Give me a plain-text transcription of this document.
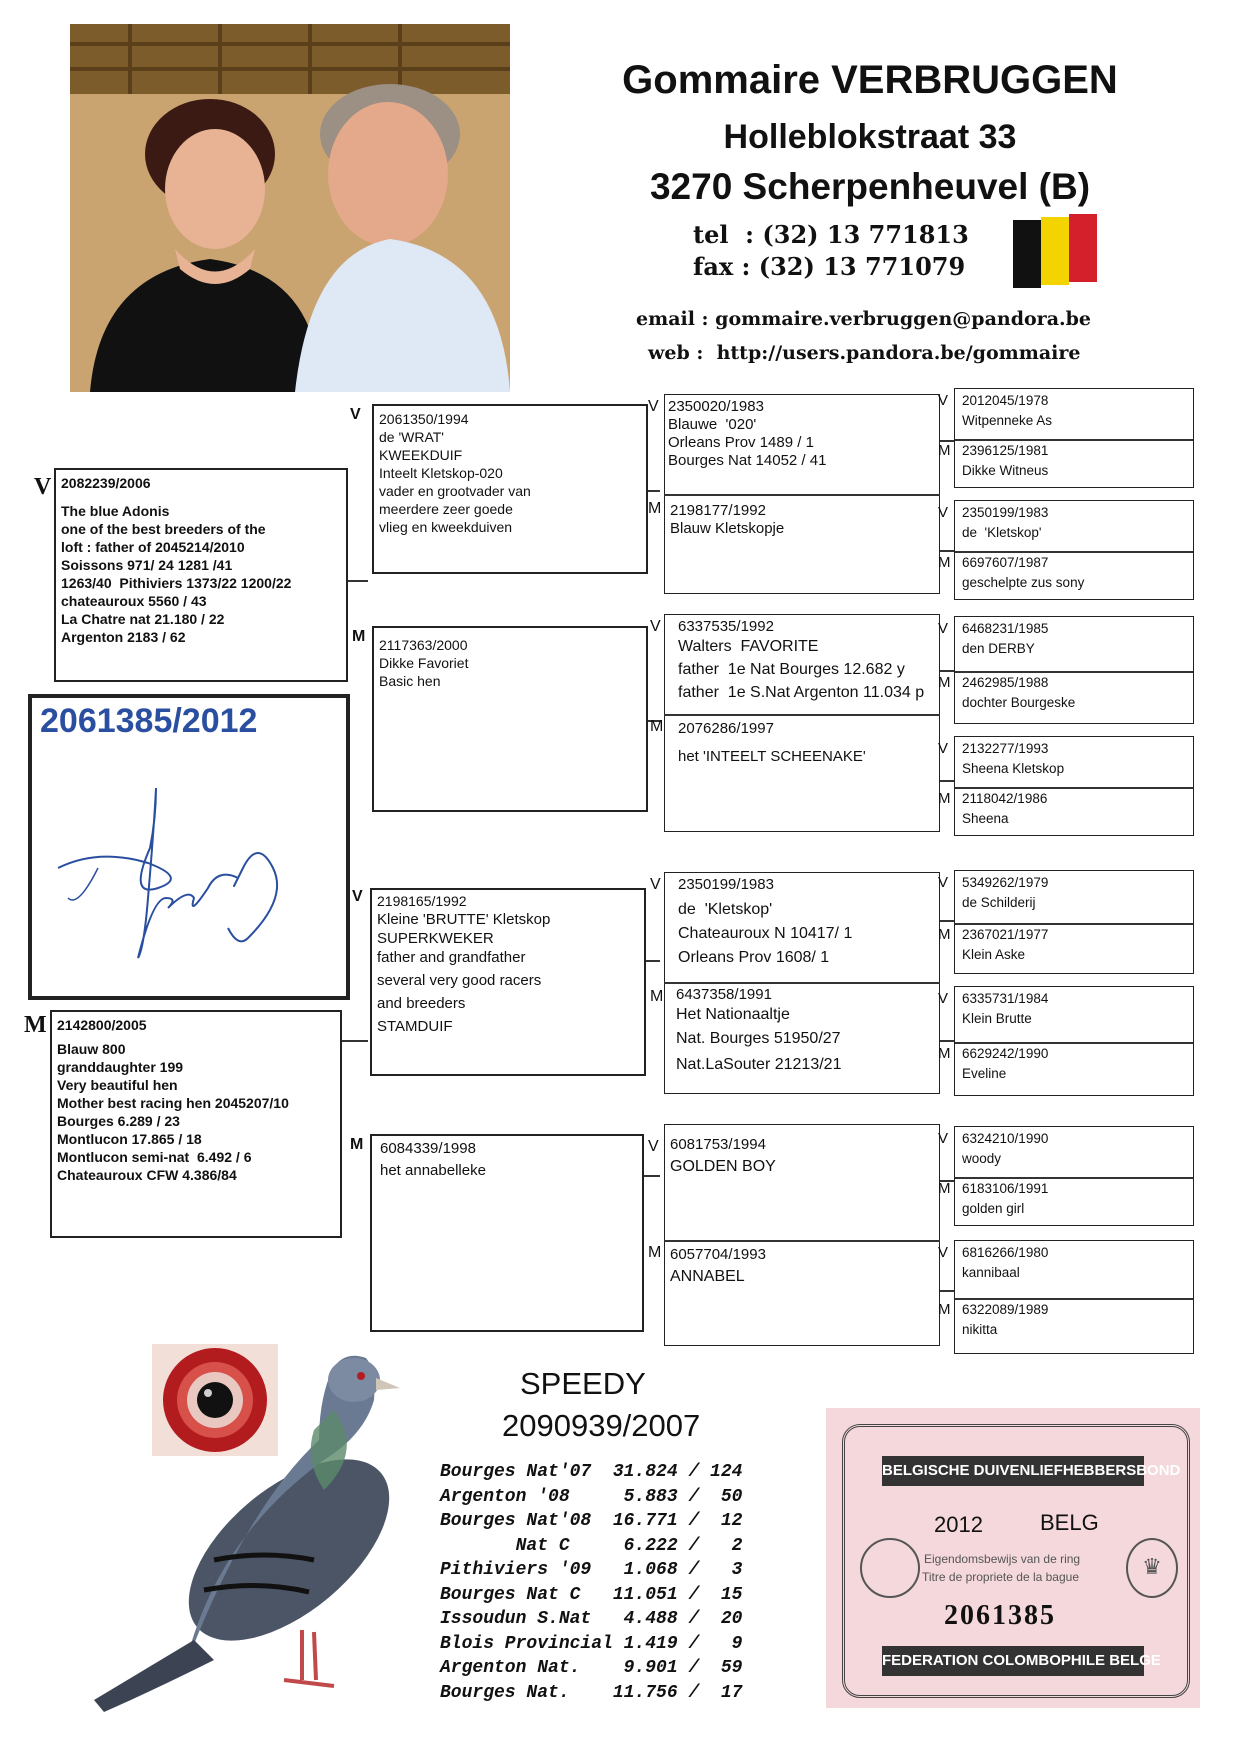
Gommaire VERBRUGGEN
Holleblokstraat 33
3270 Scherpenheuvel (B)
tel  : (32) 13 771813
fax : (32) 13 771079
email : gommaire.verbruggen@pandora.be
web :  http://users.pandora.be/gommaire
V 2082239/2006
The blue Adonis
one of the best breeders of the
loft : father of 2045214/2010
Soissons 971/ 24 1281 /41
1263/40  Pithiviers 1373/22 1200/22
chateauroux 5560 / 43
La Chatre nat 21.180 / 22
Argenton 2183 / 62
2061385/2012
M 2142800/2005
Blauw 800
granddaughter 199
Very beautiful hen
Mother best racing hen 2045207/10
Bourges 6.289 / 23
Montlucon 17.865 / 18
Montlucon semi-nat  6.492 / 6
Chateauroux CFW 4.386/84
V 2061350/1994
de 'WRAT'
KWEEKDUIF
Inteelt Kletskop-020
vader en grootvader van
meerdere zeer goede
vlieg en kweekduiven
M 2117363/2000
Dikke Favoriet
Basic hen
V 2198165/1992
Kleine 'BRUTTE' Kletskop
SUPERKWEKER
father and grandfather
several very good racers
and breeders
STAMDUIF
M 6084339/1998
het annabelleke
V 2350020/1983
Blauwe  '020'
Orleans Prov 1489 / 1
Bourges Nat 14052 / 41
M 2198177/1992
Blauw Kletskopje
V 6337535/1992
Walters  FAVORITE
father  1e Nat Bourges 12.682 y
father  1e S.Nat Argenton 11.034 p
M 2076286/1997
het 'INTEELT SCHEENAKE'
V 2350199/1983
de  'Kletskop'
Chateauroux N 10417/ 1
Orleans Prov 1608/ 1
M 6437358/1991
Het Nationaaltje
Nat. Bourges 51950/27
Nat.LaSouter 21213/21
V 6081753/1994
GOLDEN BOY
M 6057704/1993
ANNABEL
V 2012045/1978
Witpenneke As
M 2396125/1981
Dikke Witneus
V 2350199/1983
de  'Kletskop'
M 6697607/1987
geschelpte zus sony
V 6468231/1985
den DERBY
M 2462985/1988
dochter Bourgeske
V 2132277/1993
Sheena Kletskop
M 2118042/1986
Sheena
V 5349262/1979
de Schilderij
M 2367021/1977
Klein Aske
V 6335731/1984
Klein Brutte
M 6629242/1990
Eveline
V 6324210/1990
woody
M 6183106/1991
golden girl
V 6816266/1980
kannibaal
M 6322089/1989
nikitta
SPEEDY
2090939/2007
Bourges Nat'07  31.824 / 124
Argenton '08     5.883 /  50
Bourges Nat'08  16.771 /  12
Nat C     6.222 /   2
Pithiviers '09   1.068 /   3
Bourges Nat C   11.051 /  15
Issoudun S.Nat   4.488 /  20
Blois Provincial 1.419 /   9
Argenton Nat.    9.901 /  59
Bourges Nat.    11.756 /  17
BELGISCHE DUIVENLIEFHEBBERSBOND
2012	BELG
♛
Eigendomsbewijs van de ring
Titre de propriete de la bague
2061385
FEDERATION COLOMBOPHILE BELGE
